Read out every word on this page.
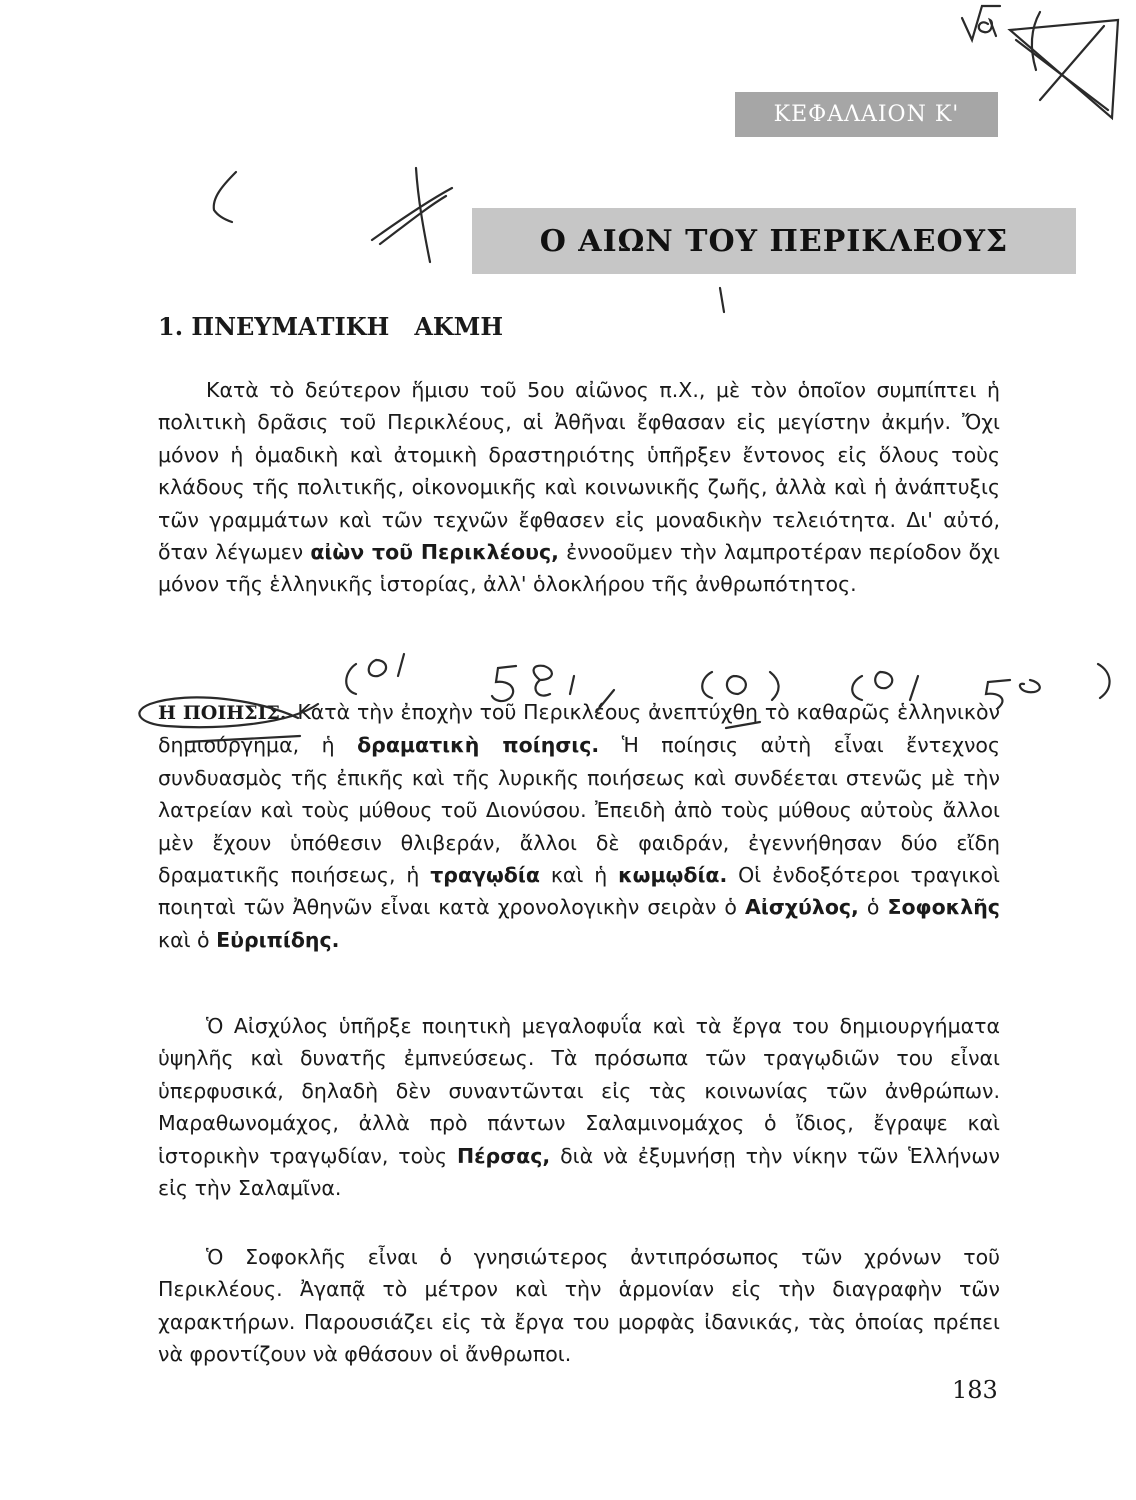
ΚΕΦΑΛΑΙΟΝ Κ'
Ο ΑΙΩΝ ΤΟΥ ΠΕΡΙΚΛΕΟΥΣ
1. ΠΝΕΥΜΑΤΙΚΗ   ΑΚΜΗ

Κατὰ τὸ δεύτερον ἥμισυ τοῦ 5ου αἰῶνος π.Χ., μὲ τὸν ὁποῖον συμπίπτει ἡ πολιτικὴ δρᾶσις τοῦ Περικλέους, αἱ Ἀθῆναι ἔφθασαν εἰς μεγίστην ἀκμήν. Ὄχι μόνον ἡ ὁμαδικὴ καὶ ἀτομικὴ δραστηριότης ὑπῆρξεν ἔντονος εἰς ὅλους τοὺς κλάδους τῆς πολιτικῆς, οἰκονομικῆς καὶ κοινωνικῆς ζωῆς, ἀλλὰ καὶ ἡ ἀνάπτυξις τῶν γραμμάτων καὶ τῶν τεχνῶν ἔφθασεν εἰς μοναδικὴν τελειότητα. Δι' αὐτό, ὅταν λέγωμεν αἰὼν τοῦ Περικλέους, ἐννοοῦμεν τὴν λαμπροτέραν περίοδον ὄχι μόνον τῆς ἑλληνικῆς ἱστορίας, ἀλλ' ὁλοκλήρου τῆς ἀνθρωπότητος.

Η ΠΟΙΗΣΙΣ. Κατὰ τὴν ἐποχὴν τοῦ Περικλέους ἀνεπτύχθη τὸ καθαρῶς ἑλληνικὸν δημιούργημα, ἡ δραματικὴ ποίησις. Ἡ ποίησις αὐτὴ εἶναι ἔντεχνος συνδυασμὸς τῆς ἐπικῆς καὶ τῆς λυρικῆς ποιήσεως καὶ συνδέεται στενῶς μὲ τὴν λατρείαν καὶ τοὺς μύθους τοῦ Διονύσου. Ἐπειδὴ ἀπὸ τοὺς μύθους αὐτοὺς ἄλλοι μὲν ἔχουν ὑπόθεσιν θλιβεράν, ἄλλοι δὲ φαιδράν, ἐγεννήθησαν δύο εἴδη δραματικῆς ποιήσεως, ἡ τραγῳδία καὶ ἡ κωμῳδία. Οἱ ἐνδοξότεροι τραγικοὶ ποιηταὶ τῶν Ἀθηνῶν εἶναι κατὰ χρονολογικὴν σειρὰν ὁ Αἰσχύλος, ὁ Σοφοκλῆς καὶ ὁ Εὐριπίδης.

Ὁ Αἰσχύλος ὑπῆρξε ποιητικὴ μεγαλοφυΐα καὶ τὰ ἔργα του δημιουργήματα ὑψηλῆς καὶ δυνατῆς ἐμπνεύσεως. Τὰ πρόσωπα τῶν τραγῳδιῶν του εἶναι ὑπερφυσικά, δηλαδὴ δὲν συναντῶνται εἰς τὰς κοινωνίας τῶν ἀνθρώπων. Μαραθωνομάχος, ἀλλὰ πρὸ πάντων Σαλαμινομάχος ὁ ἴδιος, ἔγραψε καὶ ἱστορικὴν τραγῳδίαν, τοὺς Πέρσας, διὰ νὰ ἐξυμνήσῃ τὴν νίκην τῶν Ἑλλήνων εἰς τὴν Σαλαμῖνα.

Ὁ Σοφοκλῆς εἶναι ὁ γνησιώτερος ἀντιπρόσωπος τῶν χρόνων τοῦ Περικλέους. Ἀγαπᾷ τὸ μέτρον καὶ τὴν ἁρμονίαν εἰς τὴν διαγραφὴν τῶν χαρακτήρων. Παρουσιάζει εἰς τὰ ἔργα του μορφὰς ἰδανικάς, τὰς ὁποίας πρέπει νὰ φροντίζουν νὰ φθάσουν οἱ ἄνθρωποι.

183
